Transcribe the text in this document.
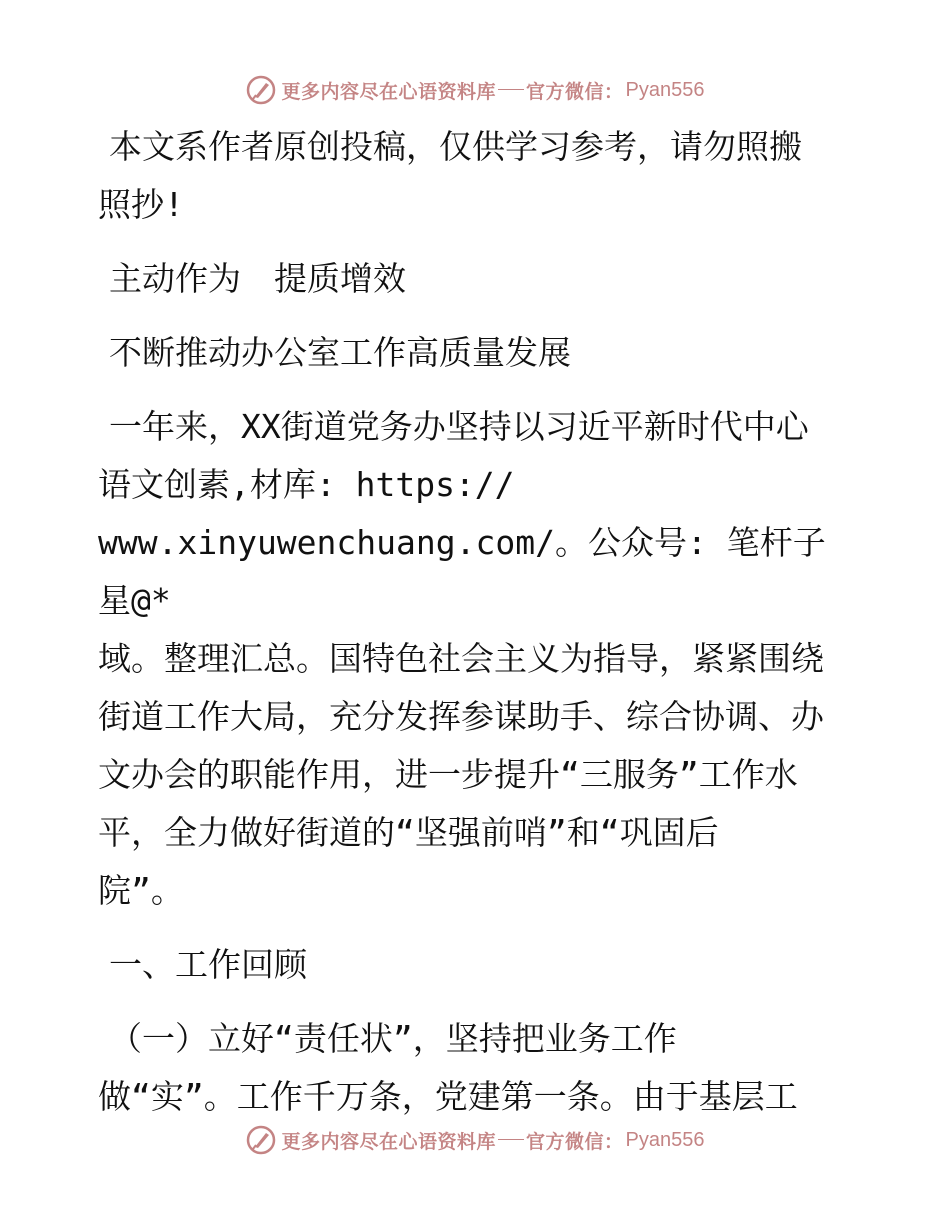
更多内容尽在心语资料库 官方微信： Pyan556

本文系作者原创投稿，仅供学习参考，请勿照搬

照抄!

主动作为　提质增效

不断推动办公室工作高质量发展

一年来，XX街道党务办坚持以习近平新时代中心

语文创素,材库: https://

www.xinyuwenchuang.com/。公众号: 笔杆子星@*

域。整理汇总。国特色社会主义为指导，紧紧围绕

街道工作大局，充分发挥参谋助手、综合协调、办

文办会的职能作用，进一步提升“三服务”工作水

平，全力做好街道的“坚强前哨”和“巩固后

院”。

一、工作回顾

（一）立好“责任状”，坚持把业务工作

做“实”。工作千万条，党建第一条。由于基层工

更多内容尽在心语资料库 官方微信： Pyan556
